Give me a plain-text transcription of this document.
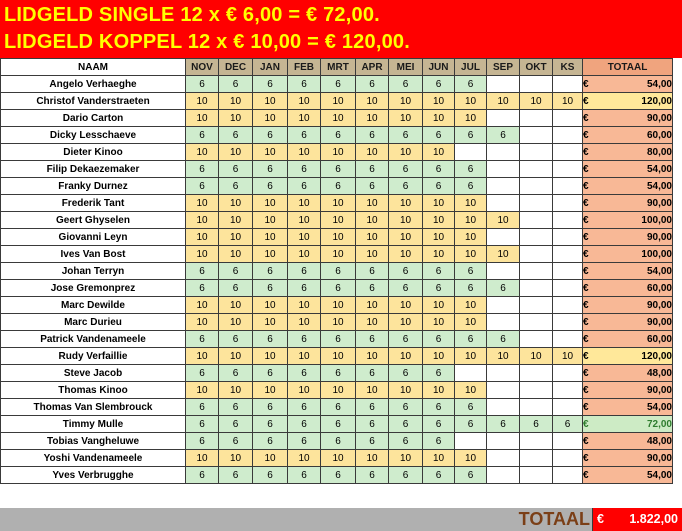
LIDGELD SINGLE 12 x € 6,00 = € 72,00.
LIDGELD KOPPEL 12 x € 10,00 = € 120,00.
NAAM	NOV	DEC	JAN	FEB	MRT	APR	MEI	JUN	JUL	SEP	OKT	KS	TOTAAL
Angelo Verhaeghe	6	6	6	6	6	6	6	6	6				€ 54,00

Christof Vanderstraeten	10	10	10	10	10	10	10	10	10	10	10	10	€ 120,00

Dario Carton	10	10	10	10	10	10	10	10	10				€ 90,00

Dicky Lesschaeve	6	6	6	6	6	6	6	6	6	6			€ 60,00

Dieter Kinoo	10	10	10	10	10	10	10	10					€ 80,00

Filip Dekaezemaker	6	6	6	6	6	6	6	6	6				€ 54,00

Franky Durnez	6	6	6	6	6	6	6	6	6				€ 54,00

Frederik Tant	10	10	10	10	10	10	10	10	10				€ 90,00

Geert Ghyselen	10	10	10	10	10	10	10	10	10	10			€ 100,00

Giovanni Leyn	10	10	10	10	10	10	10	10	10				€ 90,00

Ives Van Bost	10	10	10	10	10	10	10	10	10	10			€ 100,00

Johan Terryn	6	6	6	6	6	6	6	6	6				€ 54,00

Jose Gremonprez	6	6	6	6	6	6	6	6	6	6			€ 60,00

Marc Dewilde	10	10	10	10	10	10	10	10	10				€ 90,00

Marc Durieu	10	10	10	10	10	10	10	10	10				€ 90,00

Patrick Vandenameele	6	6	6	6	6	6	6	6	6	6			€ 60,00

Rudy Verfaillie	10	10	10	10	10	10	10	10	10	10	10	10	€ 120,00

Steve Jacob	6	6	6	6	6	6	6	6					€ 48,00

Thomas Kinoo	10	10	10	10	10	10	10	10	10				€ 90,00

Thomas Van Slembrouck	6	6	6	6	6	6	6	6	6				€ 54,00

Timmy Mulle	6	6	6	6	6	6	6	6	6	6	6	6	€ 72,00

Tobias Vangheluwe	6	6	6	6	6	6	6	6					€ 48,00

Yoshi Vandenameele	10	10	10	10	10	10	10	10	10				€ 90,00

Yves Verbrugghe	6	6	6	6	6	6	6	6	6				€ 54,00
TOTAAL € 1.822,00
